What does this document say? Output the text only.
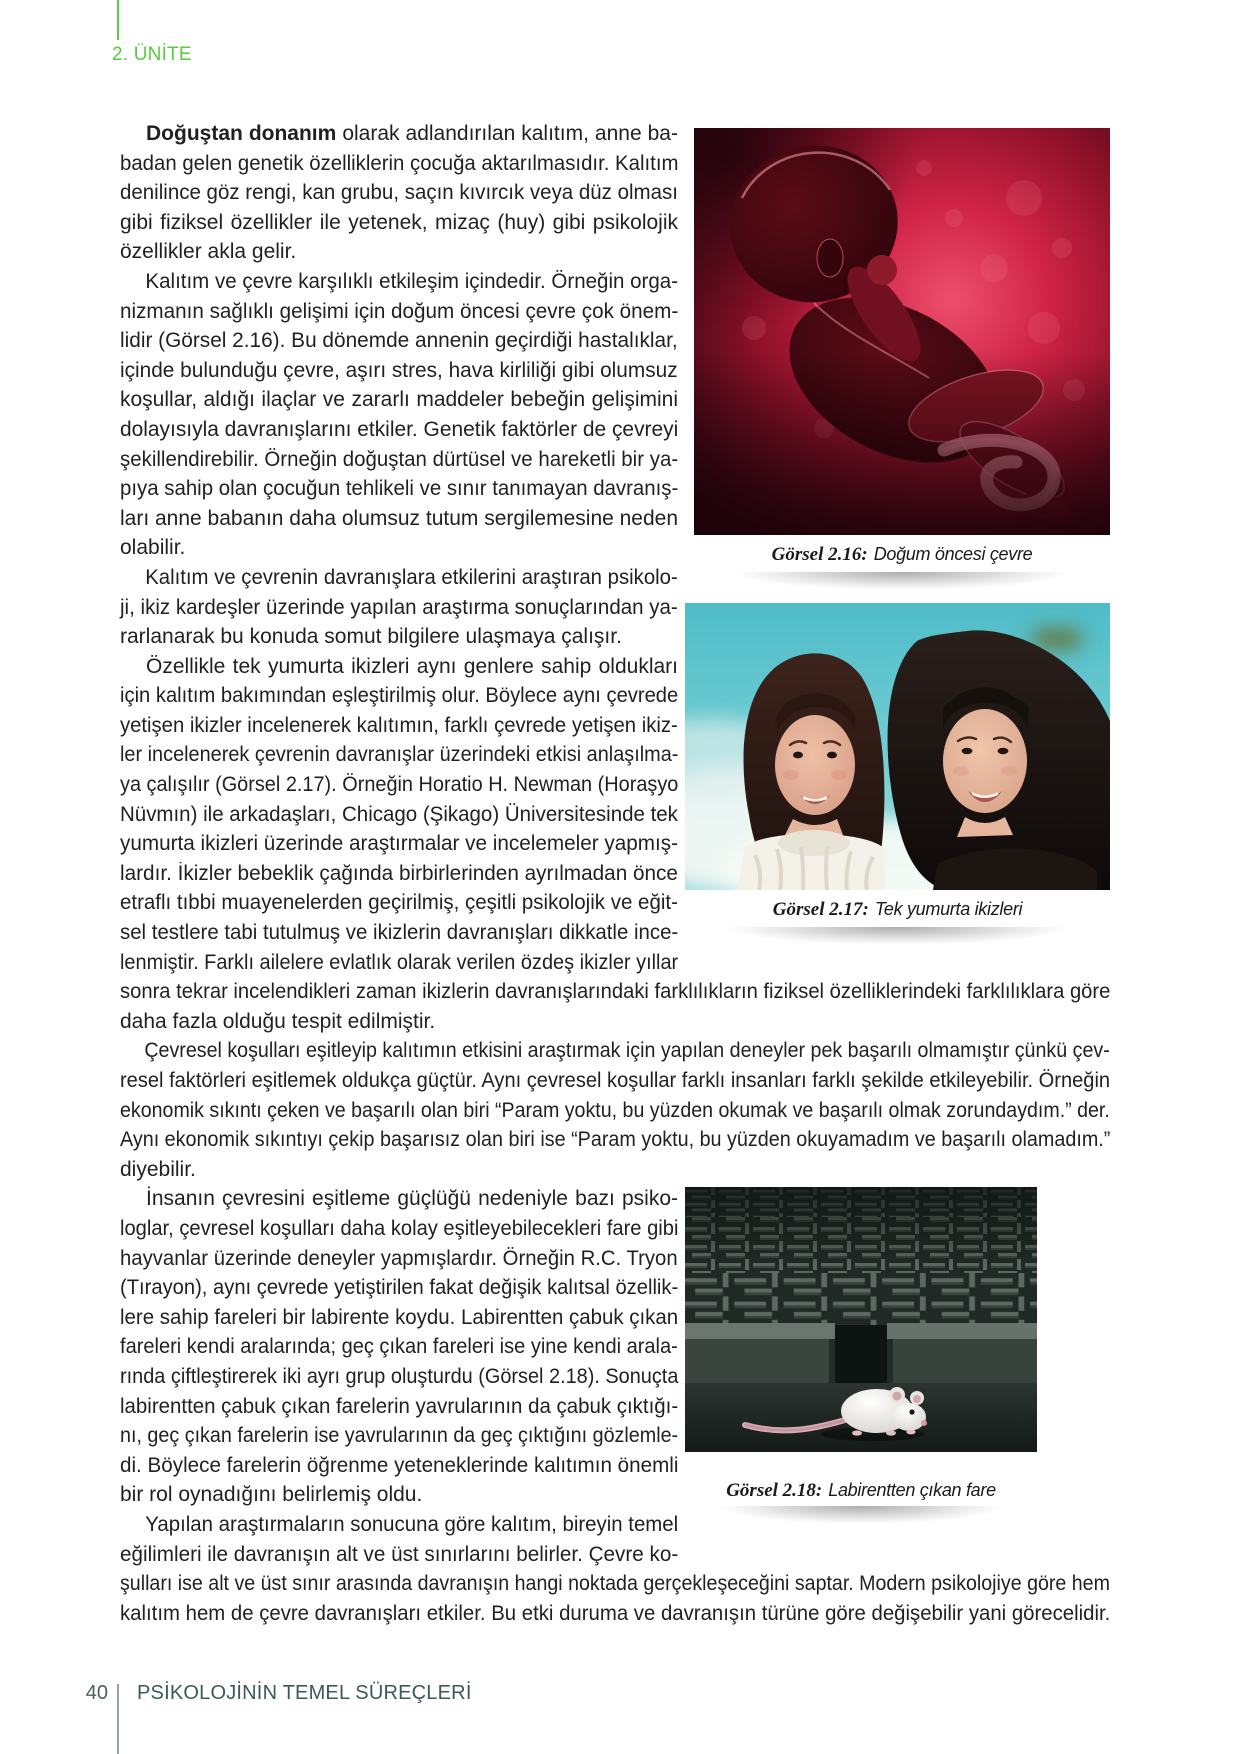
2. ÜNİTE
Doğuştan donanım olarak adlandırılan kalıtım, anne ba-
badan gelen genetik özelliklerin çocuğa aktarılmasıdır. Kalıtım
denilince göz rengi, kan grubu, saçın kıvırcık veya düz olması
gibi fiziksel özellikler ile yetenek, mizaç (huy) gibi psikolojik
özellikler akla gelir.
Kalıtım ve çevre karşılıklı etkileşim içindedir. Örneğin orga-
nizmanın sağlıklı gelişimi için doğum öncesi çevre çok önem-
lidir (Görsel 2.16). Bu dönemde annenin geçirdiği hastalıklar,
içinde bulunduğu çevre, aşırı stres, hava kirliliği gibi olumsuz
koşullar, aldığı ilaçlar ve zararlı maddeler bebeğin gelişimini
dolayısıyla davranışlarını etkiler. Genetik faktörler de çevreyi
şekillendirebilir. Örneğin doğuştan dürtüsel ve hareketli bir ya-
pıya sahip olan çocuğun tehlikeli ve sınır tanımayan davranış-
ları anne babanın daha olumsuz tutum sergilemesine neden
olabilir.
Kalıtım ve çevrenin davranışlara etkilerini araştıran psikolo-
ji, ikiz kardeşler üzerinde yapılan araştırma sonuçlarından ya-
rarlanarak bu konuda somut bilgilere ulaşmaya çalışır.
Özellikle tek yumurta ikizleri aynı genlere sahip oldukları
için kalıtım bakımından eşleştirilmiş olur. Böylece aynı çevrede
yetişen ikizler incelenerek kalıtımın, farklı çevrede yetişen ikiz-
ler incelenerek çevrenin davranışlar üzerindeki etkisi anlaşılma-
ya çalışılır (Görsel 2.17). Örneğin Horatio H. Newman (Horaşyo
Nüvmın) ile arkadaşları, Chicago (Şikago) Üniversitesinde tek
yumurta ikizleri üzerinde araştırmalar ve incelemeler yapmış-
lardır. İkizler bebeklik çağında birbirlerinden ayrılmadan önce
etraflı tıbbi muayenelerden geçirilmiş, çeşitli psikolojik ve eğit-
sel testlere tabi tutulmuş ve ikizlerin davranışları dikkatle ince-
lenmiştir. Farklı ailelere evlatlık olarak verilen özdeş ikizler yıllar
sonra tekrar incelendikleri zaman ikizlerin davranışlarındaki farklılıkların fiziksel özelliklerindeki farklılıklara göre
daha fazla olduğu tespit edilmiştir.
Çevresel koşulları eşitleyip kalıtımın etkisini araştırmak için yapılan deneyler pek başarılı olmamıştır çünkü çev-
resel faktörleri eşitlemek oldukça güçtür. Aynı çevresel koşullar farklı insanları farklı şekilde etkileyebilir. Örneğin
ekonomik sıkıntı çeken ve başarılı olan biri “Param yoktu, bu yüzden okumak ve başarılı olmak zorundaydım.” der.
Aynı ekonomik sıkıntıyı çekip başarısız olan biri ise “Param yoktu, bu yüzden okuyamadım ve başarılı olamadım.”
diyebilir.
İnsanın çevresini eşitleme güçlüğü nedeniyle bazı psiko-
loglar, çevresel koşulları daha kolay eşitleyebilecekleri fare gibi
hayvanlar üzerinde deneyler yapmışlardır. Örneğin R.C. Tryon
(Tırayon), aynı çevrede yetiştirilen fakat değişik kalıtsal özellik-
lere sahip fareleri bir labirente koydu. Labirentten çabuk çıkan
fareleri kendi aralarında; geç çıkan fareleri ise yine kendi arala-
rında çiftleştirerek iki ayrı grup oluşturdu (Görsel 2.18). Sonuçta
labirentten çabuk çıkan farelerin yavrularının da çabuk çıktığı-
nı, geç çıkan farelerin ise yavrularının da geç çıktığını gözlemle-
di. Böylece farelerin öğrenme yeteneklerinde kalıtımın önemli
bir rol oynadığını belirlemiş oldu.
Yapılan araştırmaların sonucuna göre kalıtım, bireyin temel
eğilimleri ile davranışın alt ve üst sınırlarını belirler. Çevre ko-
şulları ise alt ve üst sınır arasında davranışın hangi noktada gerçekleşeceğini saptar. Modern psikolojiye göre hem
kalıtım hem de çevre davranışları etkiler. Bu etki duruma ve davranışın türüne göre değişebilir yani görecelidir.
Görsel 2.16: Doğum öncesi çevre
Görsel 2.17: Tek yumurta ikizleri
Görsel 2.18: Labirentten çıkan fare
40 PSİKOLOJİNİN TEMEL SÜREÇLERİ
